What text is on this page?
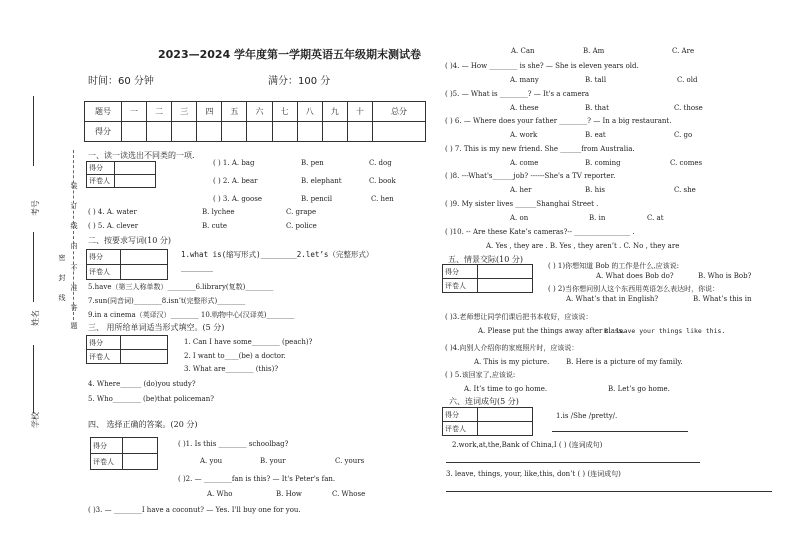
考号
姓名
学校
装
订
线
内
不
准
答
题
密
封
线
2023—2024 学年度第一学期英语五年级期末测试卷
时间：60 分钟	满分：100 分
题号	一	二	三	四	五	六	七	八	九	十	总分
得分											
一、读一读选出不同类的一项.
得分	
评卷人	
( ) 1. A. bag	B. pen	C. dog
( ) 2. A. bear	B. elephant	C. book
( ) 3. A. goose	B. pencil	C. hen
( ) 4. A. water	B. lychee	C. grape
( ) 5. A. clever	B. cute	C. police
二、按要求写词(10 分)
得分	
评卷人	
1.what is(缩写形式)________2.let’s（完整形式）
________
5.have（第三人称单数）________6.library(复数)________
7.sun(同音词)________8.isn’t(完整形式)________
9.in a cinema（英译汉）________ 10.购物中心(汉译英)________
三、 用所给单词适当形式填空。(5 分)
得分	
评卷人	
1. Can I have some________ (peach)?
2. I want to____(be) a doctor.
3. What are________ (this)?
4. Where______ (do)you study?
5. Who________ (be)that policeman?
四、 选择正确的答案。(20 分)
得分	
评卷人	
( )1. Is this ________ schoolbag?
A. you	B. your	C. yours
( )2. — ________fan is this? — It's Peter's fan.
A. Who	B. How	C. Whose
( )3. — ________I have a coconut? — Yes. I'll buy one for you.
A. Can	B. Am	C. Are
( )4. — How ________ is she? — She is eleven years old.
A. many	B. tall	C. old
( )5. — What is ________? — It's a camera
A. these	B. that	C. those
( ) 6. — Where does your father ________? — In a big restaurant.
A. work	B. eat	C. go
( ) 7. This is my new friend. She ______from Australia.
A. come	B. coming	C. comes
( )8. ---What's______job? ------She's a TV reporter.
A. her	B. his	C. she
( )9. My sister lives ______Shanghai Street .
A. on	B. in	C. at
( )10. -- Are these Kate’s cameras?-- ________________ .
A. Yes , they are . B. Yes , they aren’t . C. No , they are
五、情景交际(10 分)
得分	
评卷人	
( ) 1)你想知道 Bob 的工作是什么,应该说:
A. What does Bob do?	B. Who is Bob?
( ) 2)当你想问别人这个东西用英语怎么表达时，你说：
A. What’s that in English?	B. What’s this in
( )3.老师想让同学们课后把书本收好，应该说：
A. Please put the things away after class.
B. leave your things like this.
( )4.向别人介绍你的家庭照片时，应该说：
A. This is my picture. B. Here is a picture of my family.
( ) 5.该回家了,应该说:
A. It’s time to go home.	B. Let’s go home.
六、连词成句(5 分)
得分	
评卷人	
1.is /She /pretty/.
2.work,at,the,Bank of China,I ( ) (连词成句)
3. leave, things, your, like,this, don’t ( ) (连词成句)
